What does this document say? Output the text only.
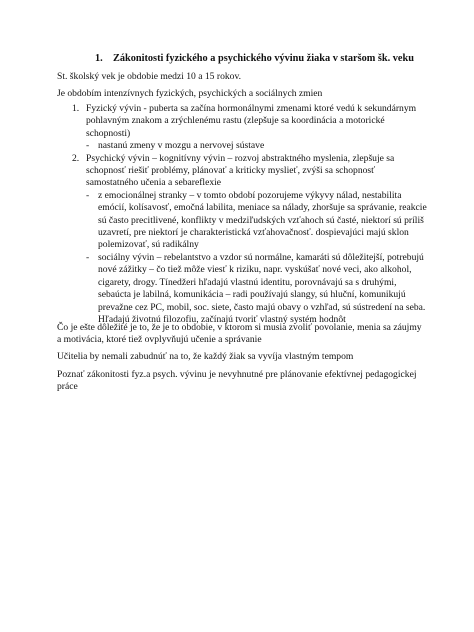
1. Zákonitosti fyzického a psychického vývinu žiaka v staršom šk. veku
St. školský vek je obdobie medzi 10 a 15 rokov.
Je obdobím intenzívnych fyzických, psychických a sociálnych zmien
1. Fyzický vývin - puberta sa začína hormonálnymi zmenami ktoré vedú k sekundárnym pohlavným znakom a zrýchlenému rastu (zlepšuje sa koordinácia a motorické schopnosti)
- nastanú zmeny v mozgu a nervovej sústave
2. Psychický vývin – kognitívny vývin – rozvoj abstraktného myslenia, zlepšuje sa schopnosť riešiť problémy, plánovať a kriticky myslieť, zvýši sa schopnosť samostatného učenia a sebareflexie
- z emocionálnej stranky – v tomto období pozorujeme výkyvy nálad, nestabilita emócií, kolísavosť, emočná labilita, meniace sa nálady, zhoršuje sa správanie, reakcie sú často precitlivené, konflikty v medziľudských vzťahoch sú časté, niektorí sú príliš uzavretí, pre niektorí je charakteristická vzťahovačnosť. dospievajúci majú sklon polemizovať, sú radikálny
- sociálny vývin – rebelantstvo a vzdor sú normálne, kamaráti sú dôležitejší, potrebujú nové zážitky – čo tiež môže viesť k riziku, napr. vyskúšať nové veci, ako alkohol, cigarety, drogy. Tínedžeri hľadajú vlastnú identitu, porovnávajú sa s druhými, sebaúcta je labilná, komunikácia – radi používajú slangy, sú hluční, komunikujú prevažne cez PC, mobil, soc. siete, často majú obavy o vzhľad, sú sústredení na seba. Hľadajú životnú filozofiu, začínajú tvoriť vlastný systém hodnôt
Čo je ešte dôležité je to, že je to obdobie, v ktorom si musia zvoliť povolanie, menia sa záujmy a motivácia, ktoré tiež ovplyvňujú učenie a správanie
Učitelia by nemali zabudnúť na to, že každý žiak sa vyvíja vlastným tempom
Poznať zákonitosti fyz.a psych. vývinu je nevyhnutné pre plánovanie efektívnej pedagogickej práce
